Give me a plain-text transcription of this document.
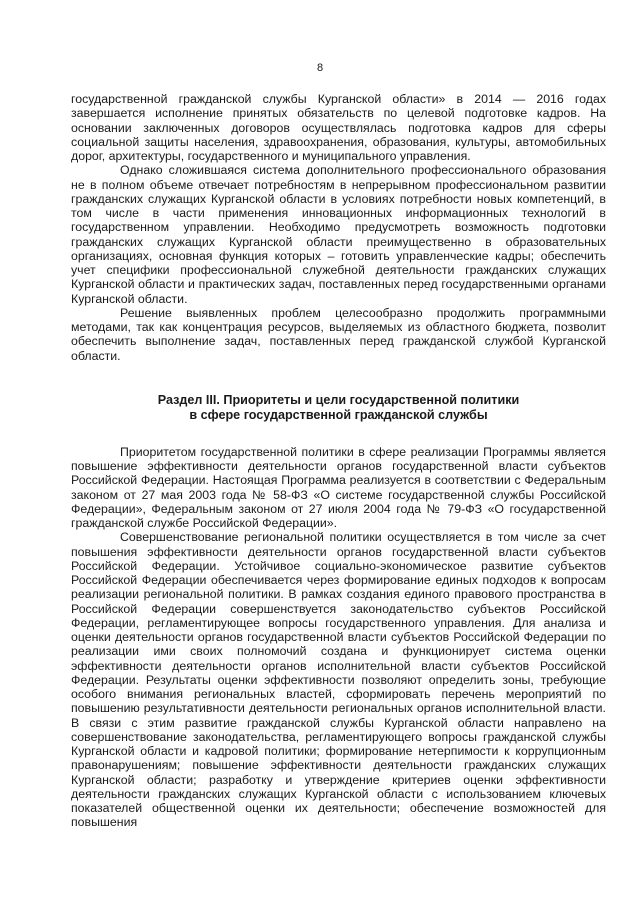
8

государственной гражданской службы Курганской области» в 2014 — 2016 годах завершается исполнение принятых обязательств по целевой подготовке кадров. На основании заключенных договоров осуществлялась подготовка кадров для сферы социальной защиты населения, здравоохранения, образования, культуры, автомобильных дорог, архитектуры, государственного и муниципального управления.

Однако сложившаяся система дополнительного профессионального образования не в полном объеме отвечает потребностям в непрерывном профессиональном развитии гражданских служащих Курганской области в условиях потребности новых компетенций, в том числе в части применения инновационных информационных технологий в государственном управлении. Необходимо предусмотреть возможность подготовки гражданских служащих Курганской области преимущественно в образовательных организациях, основная функция которых – готовить управленческие кадры; обеспечить учет специфики профессиональной служебной деятельности гражданских служащих Курганской области и практических задач, поставленных перед государственными органами Курганской области.

Решение выявленных проблем целесообразно продолжить программными методами, так как концентрация ресурсов, выделяемых из областного бюджета, позволит обеспечить выполнение задач, поставленных перед гражданской службой Курганской области.

Раздел III. Приоритеты и цели государственной политики
в сфере государственной гражданской службы

Приоритетом государственной политики в сфере реализации Программы является повышение эффективности деятельности органов государственной власти субъектов Российской Федерации. Настоящая Программа реализуется в соответствии с Федеральным законом от 27 мая 2003 года № 58-ФЗ «О системе государственной службы Российской Федерации», Федеральным законом от 27 июля 2004 года № 79-ФЗ «О государственной гражданской службе Российской Федерации».

Совершенствование региональной политики осуществляется в том числе за счет повышения эффективности деятельности органов государственной власти субъектов Российской Федерации. Устойчивое социально-экономическое развитие субъектов Российской Федерации обеспечивается через формирование единых подходов к вопросам реализации региональной политики. В рамках создания единого правового пространства в Российской Федерации совершенствуется законодательство субъектов Российской Федерации, регламентирующее вопросы государственного управления. Для анализа и оценки деятельности органов государственной власти субъектов Российской Федерации по реализации ими своих полномочий создана и функционирует система оценки эффективности деятельности органов исполнительной власти субъектов Российской Федерации. Результаты оценки эффективности позволяют определить зоны, требующие особого внимания региональных властей, сформировать перечень мероприятий по повышению результативности деятельности региональных органов исполнительной власти. В связи с этим развитие гражданской службы Курганской области направлено на совершенствование законодательства, регламентирующего вопросы гражданской службы Курганской области и кадровой политики; формирование нетерпимости к коррупционным правонарушениям; повышение эффективности деятельности гражданских служащих Курганской области; разработку и утверждение критериев оценки эффективности деятельности гражданских служащих Курганской области с использованием ключевых показателей общественной оценки их деятельности; обеспечение возможностей для повышения
